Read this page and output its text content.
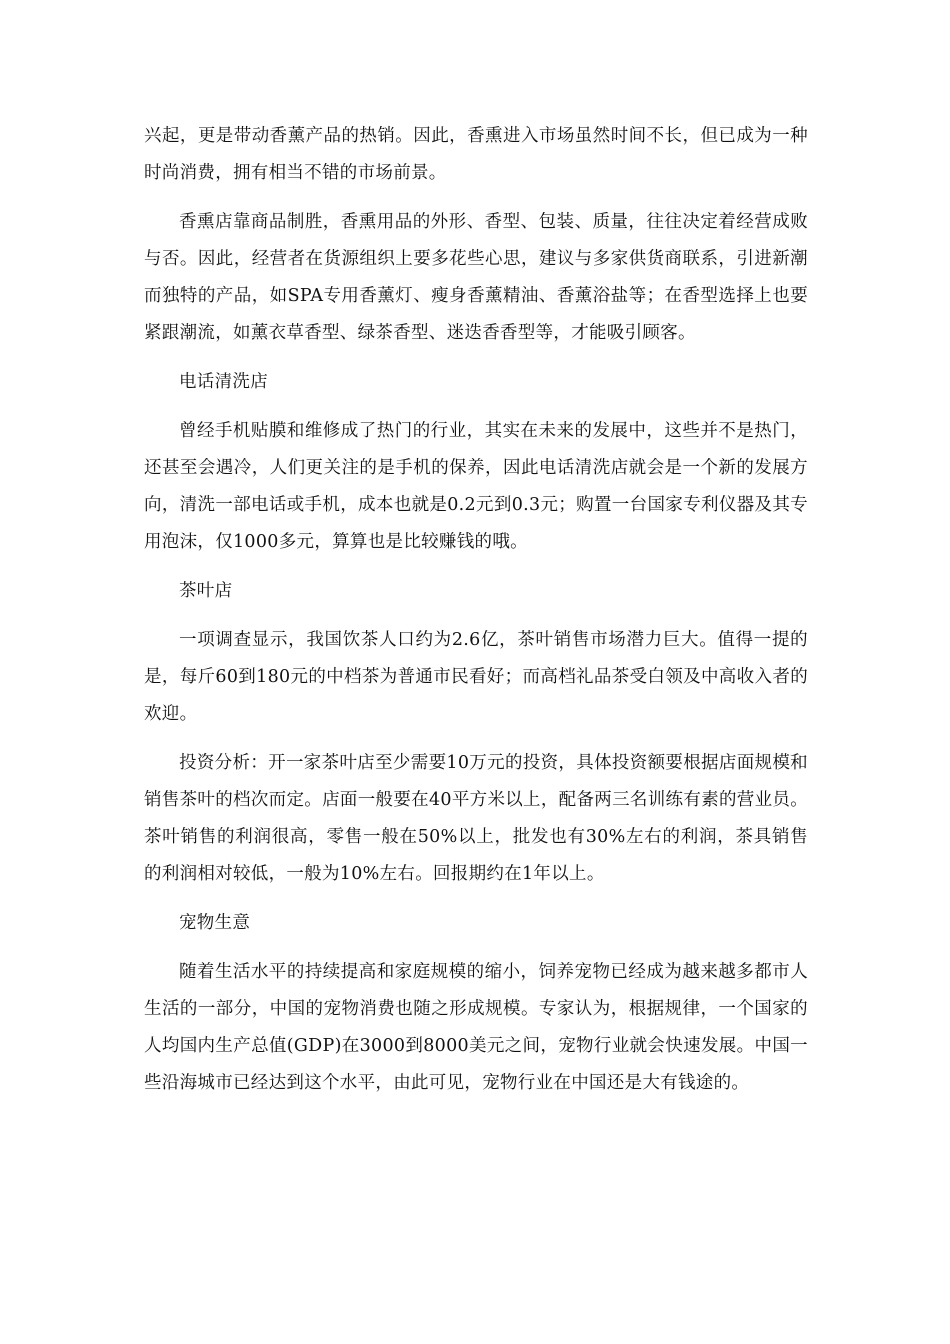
兴起，更是带动香薰产品的热销。因此，香熏进入市场虽然时间不长，但已成为一种时尚消费，拥有相当不错的市场前景。

香熏店靠商品制胜，香熏用品的外形、香型、包装、质量，往往决定着经营成败与否。因此，经营者在货源组织上要多花些心思，建议与多家供货商联系，引进新潮而独特的产品，如SPA专用香薰灯、瘦身香薰精油、香薰浴盐等；在香型选择上也要紧跟潮流，如薰衣草香型、绿茶香型、迷迭香香型等，才能吸引顾客。

电话清洗店

曾经手机贴膜和维修成了热门的行业，其实在未来的发展中，这些并不是热门，还甚至会遇冷，人们更关注的是手机的保养，因此电话清洗店就会是一个新的发展方向，清洗一部电话或手机，成本也就是0.2元到0.3元；购置一台国家专利仪器及其专用泡沫，仅1000多元，算算也是比较赚钱的哦。

茶叶店

一项调查显示，我国饮茶人口约为2.6亿，茶叶销售市场潜力巨大。值得一提的是，每斤60到180元的中档茶为普通市民看好；而高档礼品茶受白领及中高收入者的欢迎。

投资分析：开一家茶叶店至少需要10万元的投资，具体投资额要根据店面规模和销售茶叶的档次而定。店面一般要在40平方米以上，配备两三名训练有素的营业员。茶叶销售的利润很高，零售一般在50%以上，批发也有30%左右的利润，茶具销售的利润相对较低，一般为10%左右。回报期约在1年以上。

宠物生意

随着生活水平的持续提高和家庭规模的缩小，饲养宠物已经成为越来越多都市人生活的一部分，中国的宠物消费也随之形成规模。专家认为，根据规律，一个国家的人均国内生产总值(GDP)在3000到8000美元之间，宠物行业就会快速发展。中国一些沿海城市已经达到这个水平，由此可见，宠物行业在中国还是大有钱途的。
